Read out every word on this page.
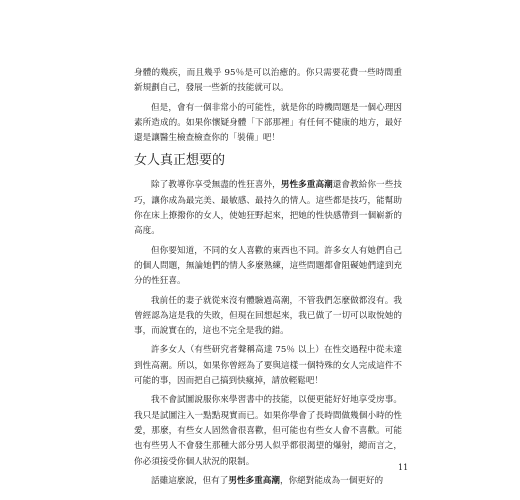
身體的幾疾，而且幾乎 95％是可以治癒的。你只需要花費一些時間重新規劃自己，發展一些新的技能就可以。

但是，會有一個非常小的可能性，就是你的時機問題是一個心理因素所造成的。如果你懷疑身體「下部那裡」有任何不健康的地方，最好還是讓醫生檢查檢查你的「裝備」吧！

女人真正想要的

除了教導你享受無盡的性狂喜外，男性多重高潮還會教給你一些技巧，讓你成為最完美、最敏感、最持久的情人。這些都是技巧，能幫助你在床上撩撥你的女人，使她狂野起來，把她的性快感帶到一個嶄新的高度。

但你要知道，不同的女人喜歡的東西也不同。許多女人有她們自己的個人問題，無論她們的情人多麼熟練，這些問題都會阻礙她們達到充分的性狂喜。

我前任的妻子就從來沒有體驗過高潮，不管我們怎麼做都沒有。我曾經認為這是我的失敗，但現在回想起來，我已做了一切可以取悅她的事，而說實在的，這也不完全是我的錯。

許多女人（有些研究者聲稱高達 75％ 以上）在性交過程中從未達到性高潮。所以，如果你曾經為了要與這樣一個特殊的女人完成這件不可能的事，因而把自己搞到快瘋掉，請放輕鬆吧！

我不會試圖說服你來學習書中的技能，以便更能好好地享受房事。我只是試圖注入一點點現實而已。如果你學會了長時間做幾個小時的性愛，那麼，有些女人固然會很喜歡，但可能也有些女人會不喜歡。可能也有些男人不會發生那種大部分男人似乎都很渴望的爆射，總而言之，你必須接受你個人狀況的限制。

話雖這麼說，但有了男性多重高潮，你絕對能成為一個更好的

11
